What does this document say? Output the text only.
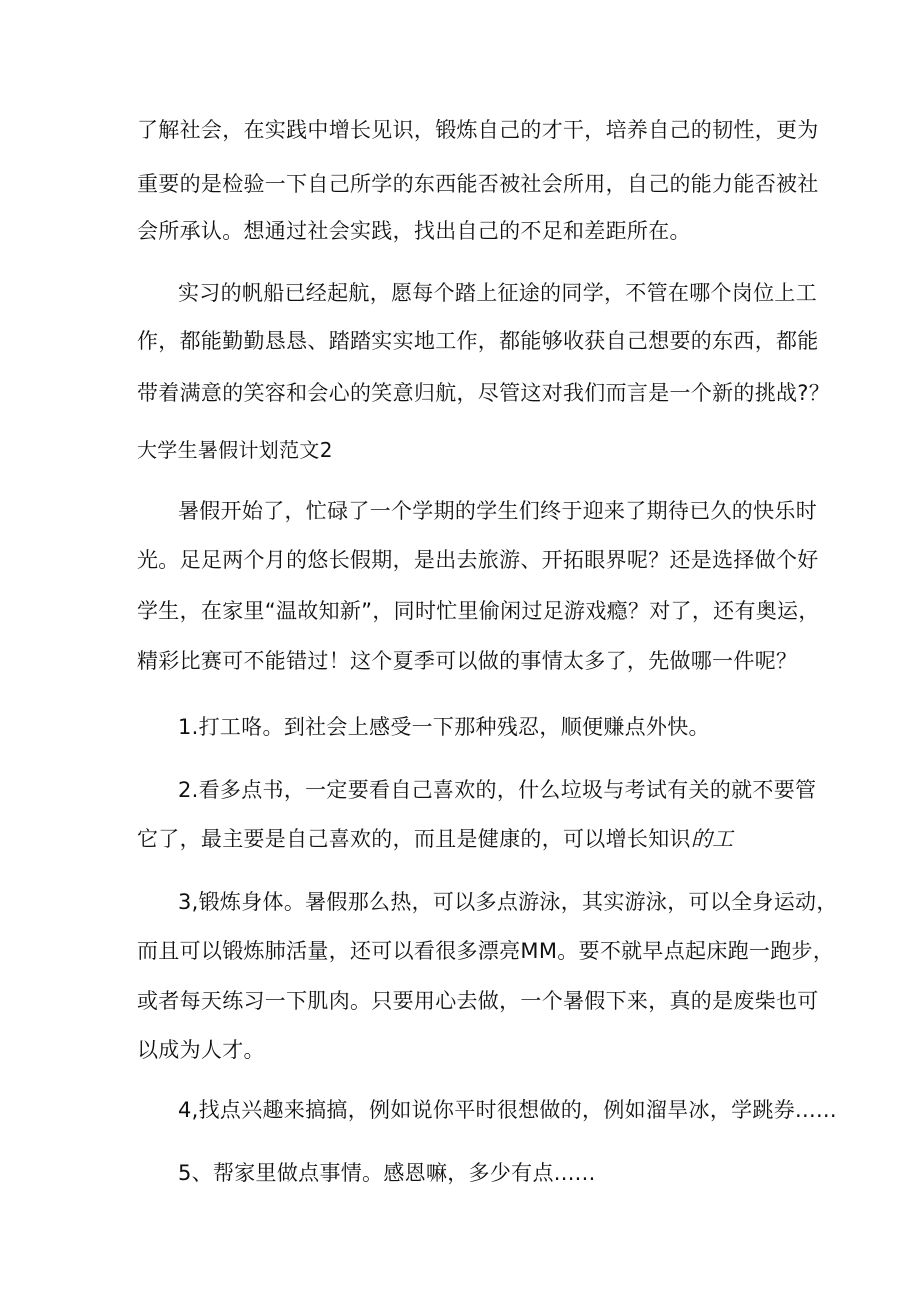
了解社会，在实践中增长见识，锻炼自己的才干，培养自己的韧性，更为
重要的是检验一下自己所学的东西能否被社会所用，自己的能力能否被社
会所承认。想通过社会实践，找出自己的不足和差距所在。
实习的帆船已经起航，愿每个踏上征途的同学，不管在哪个岗位上工
作，都能勤勤恳恳、踏踏实实地工作，都能够收获自己想要的东西，都能
带着满意的笑容和会心的笑意归航，尽管这对我们而言是一个新的挑战?？
大学生暑假计划范文2
暑假开始了，忙碌了一个学期的学生们终于迎来了期待已久的快乐时
光。足足两个月的悠长假期，是出去旅游、开拓眼界呢？还是选择做个好
学生，在家里“温故知新”，同时忙里偷闲过足游戏瘾？对了，还有奥运，
精彩比赛可不能错过！这个夏季可以做的事情太多了，先做哪一件呢？
1.打工咯。到社会上感受一下那种残忍，顺便赚点外快。
2.看多点书，一定要看自己喜欢的，什么垃圾与考试有关的就不要管
它了，最主要是自己喜欢的，而且是健康的，可以增长知识的工
3,锻炼身体。暑假那么热，可以多点游泳，其实游泳，可以全身运动，
而且可以锻炼肺活量，还可以看很多漂亮MM。要不就早点起床跑一跑步，
或者每天练习一下肌肉。只要用心去做，一个暑假下来，真的是废柴也可
以成为人才。
4,找点兴趣来搞搞，例如说你平时很想做的，例如溜旱冰，学跳券......
5、帮家里做点事情。感恩嘛，多少有点......
